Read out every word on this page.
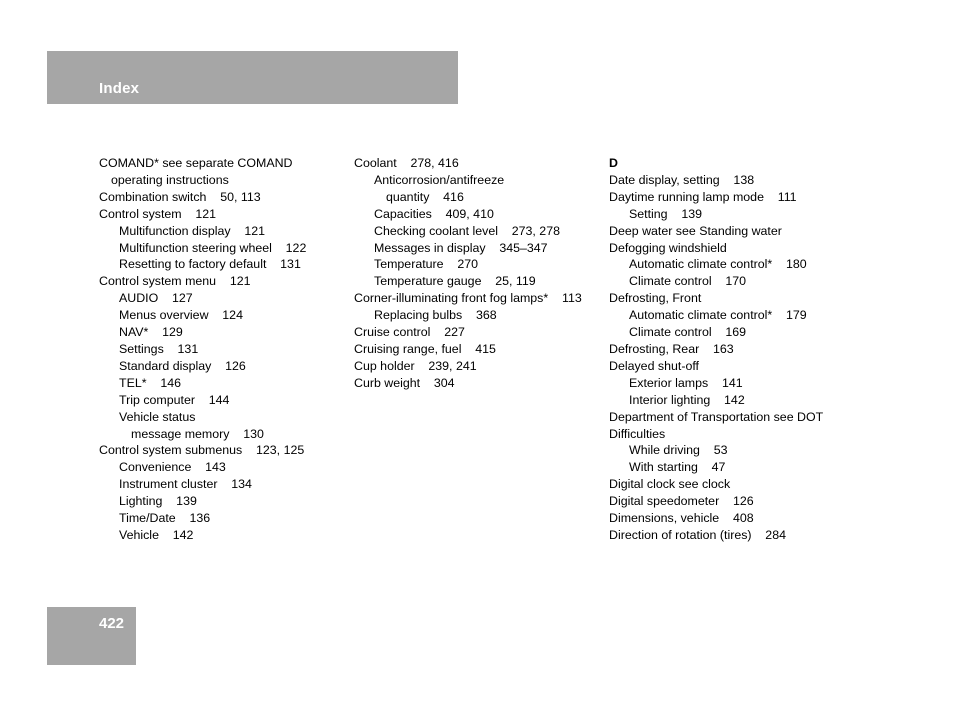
Index
COMAND* see separate COMAND
operating instructions
Combination switch    50, 113
Control system    121
Multifunction display    121
Multifunction steering wheel    122
Resetting to factory default    131
Control system menu    121
AUDIO    127
Menus overview    124
NAV*    129
Settings    131
Standard display    126
TEL*    146
Trip computer    144
Vehicle status
message memory    130
Control system submenus    123, 125
Convenience    143
Instrument cluster    134
Lighting    139
Time/Date    136
Vehicle    142
Coolant    278, 416
Anticorrosion/antifreeze
quantity    416
Capacities    409, 410
Checking coolant level    273, 278
Messages in display    345–347
Temperature    270
Temperature gauge    25, 119
Corner-illuminating front fog lamps*    113
Replacing bulbs    368
Cruise control    227
Cruising range, fuel    415
Cup holder    239, 241
Curb weight    304
D
Date display, setting    138
Daytime running lamp mode    111
Setting    139
Deep water see Standing water
Defogging windshield
Automatic climate control*    180
Climate control    170
Defrosting, Front
Automatic climate control*    179
Climate control    169
Defrosting, Rear    163
Delayed shut-off
Exterior lamps    141
Interior lighting    142
Department of Transportation see DOT
Difficulties
While driving    53
With starting    47
Digital clock see clock
Digital speedometer    126
Dimensions, vehicle    408
Direction of rotation (tires)    284
422
